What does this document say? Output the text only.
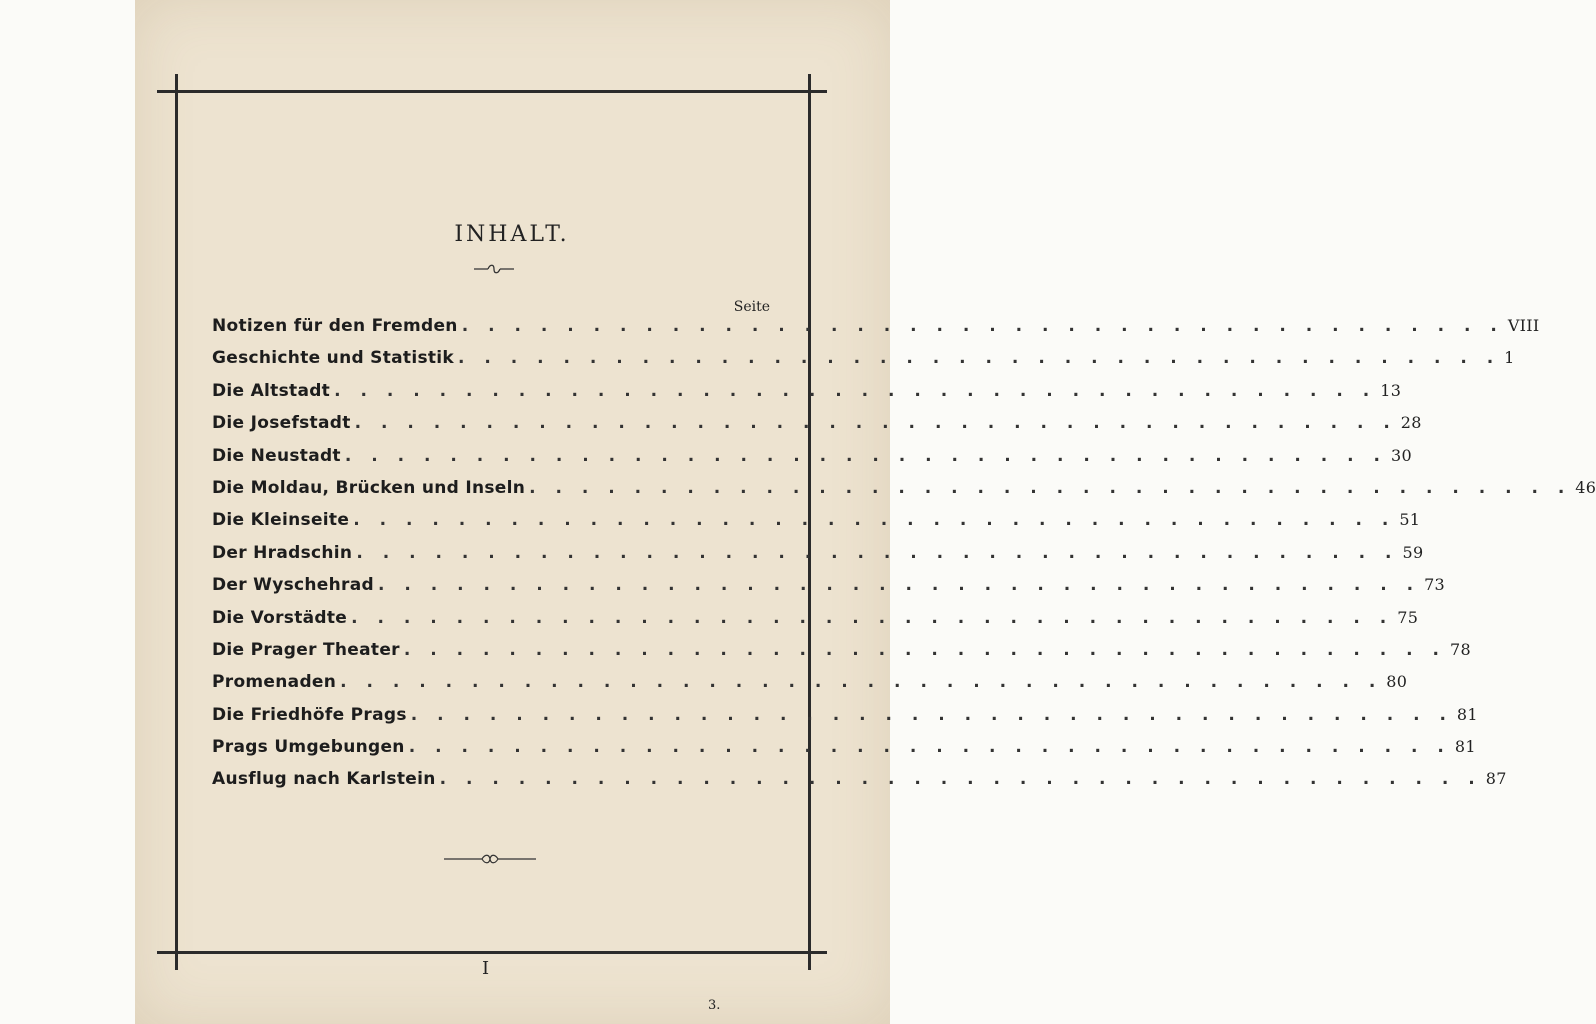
INHALT.
Seite
Notizen für den Fremden . . . . . . . . . . . . . . . . . . . . . . . . . . . . . . . . . . . . . . . . VIII
Geschichte und Statistik . . . . . . . . . . . . . . . . . . . . . . . . . . . . . . . . . . . . . . . . 1
Die Altstadt . . . . . . . . . . . . . . . . . . . . . . . . . . . . . . . . . . . . . . . . 13
Die Josefstadt . . . . . . . . . . . . . . . . . . . . . . . . . . . . . . . . . . . . . . . . 28
Die Neustadt . . . . . . . . . . . . . . . . . . . . . . . . . . . . . . . . . . . . . . . . 30
Die Moldau, Brücken und Inseln . . . . . . . . . . . . . . . . . . . . . . . . . . . . . . . . . . . . . . . . 46
Die Kleinseite . . . . . . . . . . . . . . . . . . . . . . . . . . . . . . . . . . . . . . . . 51
Der Hradschin . . . . . . . . . . . . . . . . . . . . . . . . . . . . . . . . . . . . . . . . 59
Der Wyschehrad . . . . . . . . . . . . . . . . . . . . . . . . . . . . . . . . . . . . . . . . 73
Die Vorstädte . . . . . . . . . . . . . . . . . . . . . . . . . . . . . . . . . . . . . . . . 75
Die Prager Theater . . . . . . . . . . . . . . . . . . . . . . . . . . . . . . . . . . . . . . . . 78
Promenaden . . . . . . . . . . . . . . . . . . . . . . . . . . . . . . . . . . . . . . . . 80
Die Friedhöfe Prags . . . . . . . . . . . . . . . . . . . . . . . . . . . . . . . . . . . . . . . . 81
Prags Umgebungen . . . . . . . . . . . . . . . . . . . . . . . . . . . . . . . . . . . . . . . . 81
Ausflug nach Karlstein . . . . . . . . . . . . . . . . . . . . . . . . . . . . . . . . . . . . . . . . 87
I
3.
